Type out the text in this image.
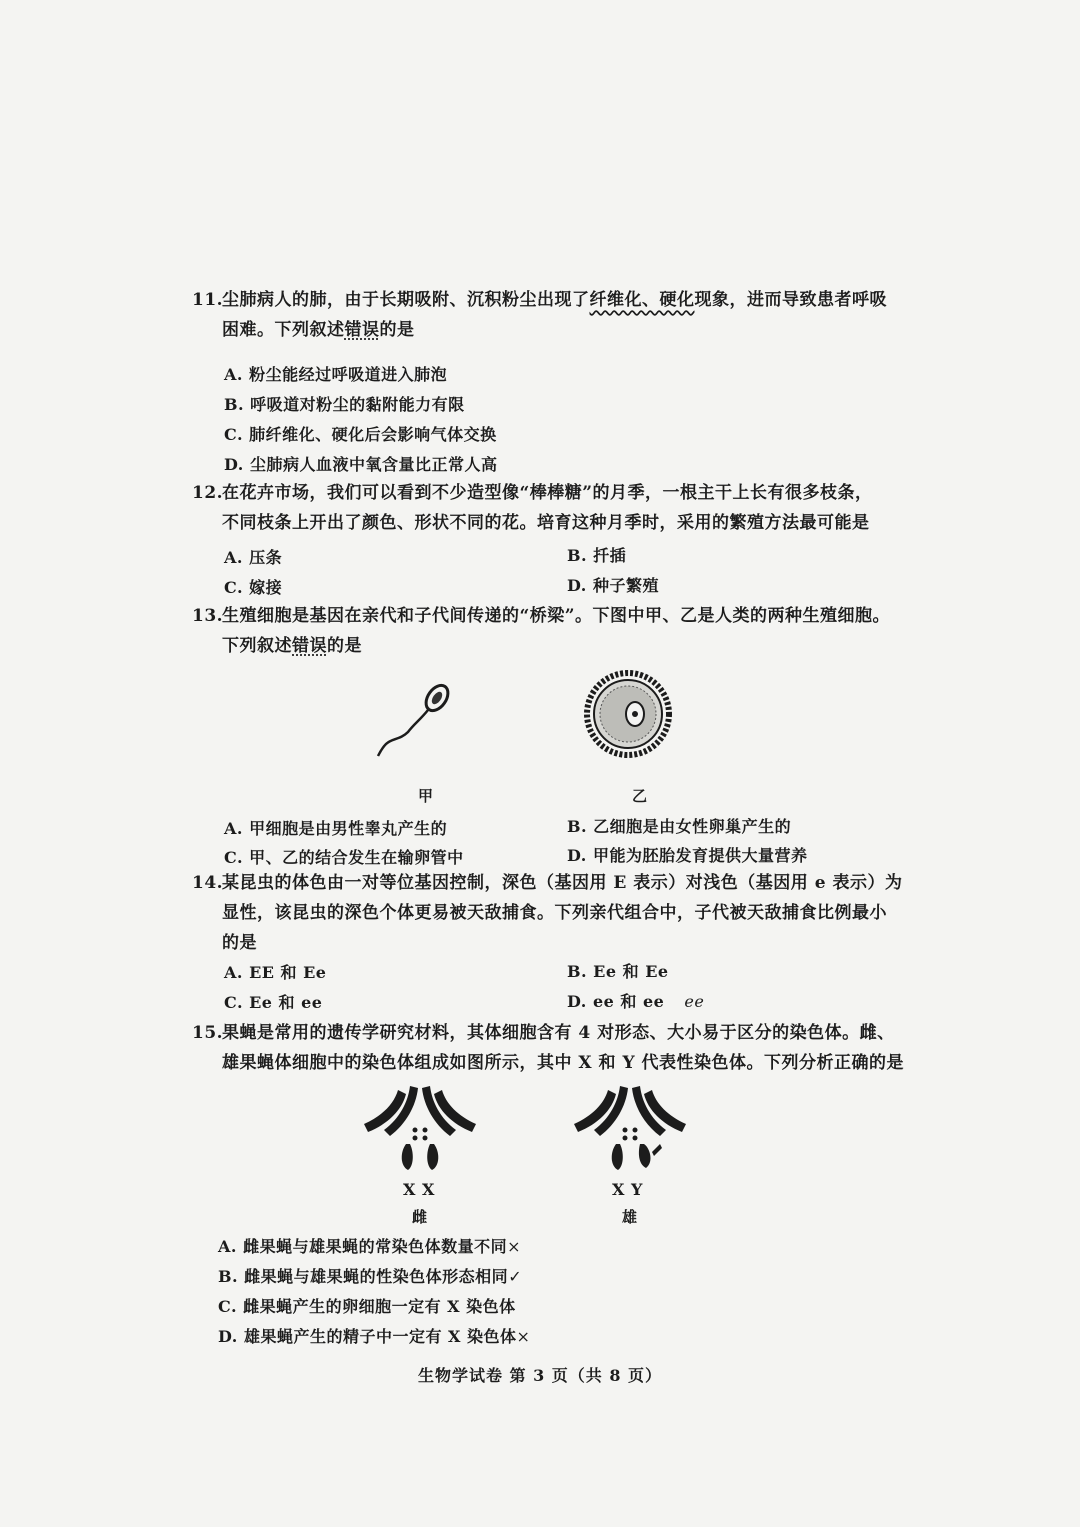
11.尘肺病人的肺，由于长期吸附、沉积粉尘出现了纤维化、硬化现象，进而导致患者呼吸
困难。下列叙述错误的是
A. 粉尘能经过呼吸道进入肺泡
B. 呼吸道对粉尘的黏附能力有限
C. 肺纤维化、硬化后会影响气体交换
D. 尘肺病人血液中氧含量比正常人高
12.在花卉市场，我们可以看到不少造型像“棒棒糖”的月季，一根主干上长有很多枝条，
不同枝条上开出了颜色、形状不同的花。培育这种月季时，采用的繁殖方法最可能是
A. 压条	B. 扦插
C. 嫁接	D. 种子繁殖
13.生殖细胞是基因在亲代和子代间传递的“桥梁”。下图中甲、乙是人类的两种生殖细胞。
下列叙述错误的是
甲	乙
A. 甲细胞是由男性睾丸产生的	B. 乙细胞是由女性卵巢产生的
C. 甲、乙的结合发生在输卵管中	D. 甲能为胚胎发育提供大量营养
14.某昆虫的体色由一对等位基因控制，深色（基因用 E 表示）对浅色（基因用 e 表示）为
显性，该昆虫的深色个体更易被天敌捕食。下列亲代组合中，子代被天敌捕食比例最小
的是
A. EE 和 Ee	B. Ee 和 Ee
C. Ee 和 ee	D. ee 和 ee ee
15.果蝇是常用的遗传学研究材料，其体细胞含有 4 对形态、大小易于区分的染色体。雌、
雄果蝇体细胞中的染色体组成如图所示，其中 X 和 Y 代表性染色体。下列分析正确的是
X X
雌
X Y
雄
A. 雌果蝇与雄果蝇的常染色体数量不同×
B. 雌果蝇与雄果蝇的性染色体形态相同✓
C. 雌果蝇产生的卵细胞一定有 X 染色体
D. 雄果蝇产生的精子中一定有 X 染色体×
生物学试卷 第 3 页（共 8 页）
